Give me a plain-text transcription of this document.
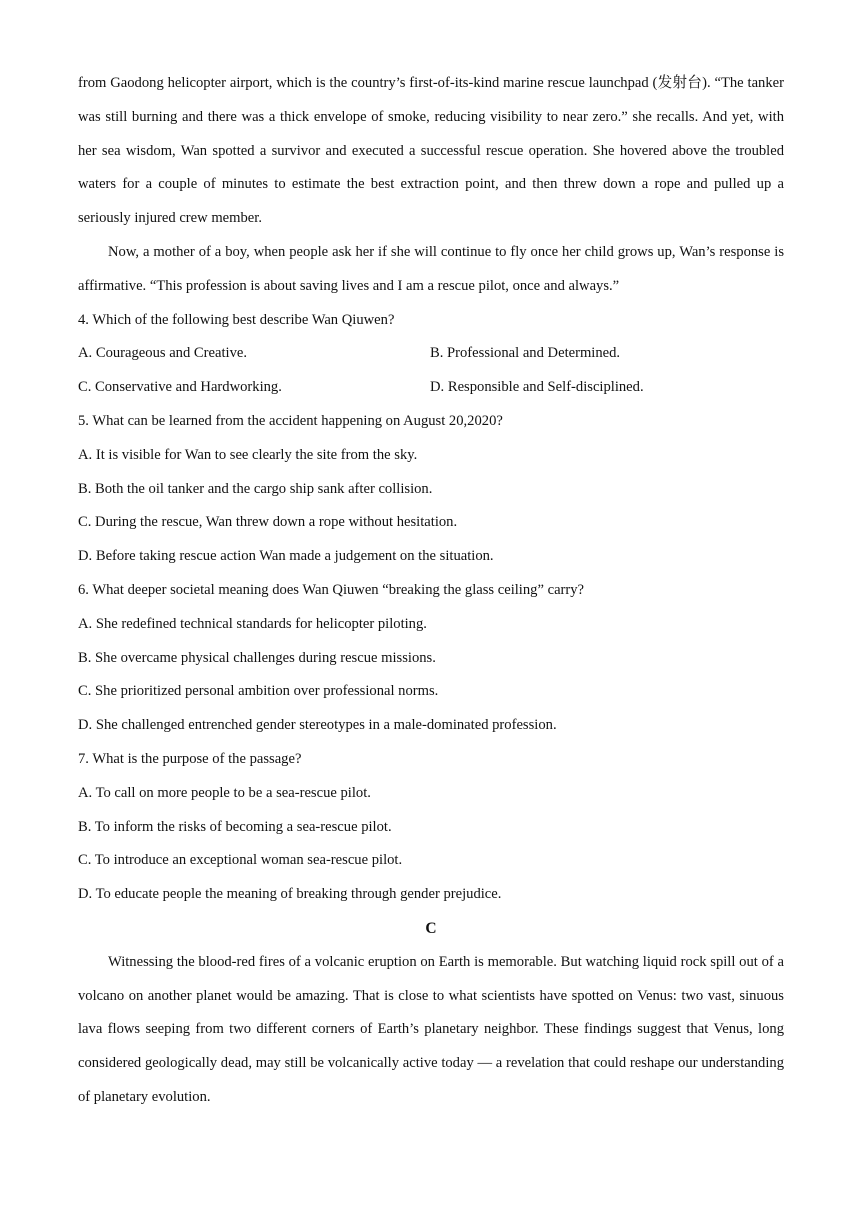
from Gaodong helicopter airport, which is the country’s first-of-its-kind marine rescue launchpad (发射台). “The tanker was still burning and there was a thick envelope of smoke, reducing visibility to near zero.” she recalls. And yet, with her sea wisdom, Wan spotted a survivor and executed a successful rescue operation. She hovered above the troubled waters for a couple of minutes to estimate the best extraction point, and then threw down a rope and pulled up a seriously injured crew member.

Now, a mother of a boy, when people ask her if she will continue to fly once her child grows up, Wan’s response is affirmative. “This profession is about saving lives and I am a rescue pilot, once and always.”

4. Which of the following best describe Wan Qiuwen?

A. Courageous and Creative.	B. Professional and Determined.
C. Conservative and Hardworking.	D. Responsible and Self-disciplined.

5. What can be learned from the accident happening on August 20,2020?

A. It is visible for Wan to see clearly the site from the sky.

B. Both the oil tanker and the cargo ship sank after collision.

C. During the rescue, Wan threw down a rope without hesitation.

D. Before taking rescue action Wan made a judgement on the situation.

6. What deeper societal meaning does Wan Qiuwen “breaking the glass ceiling” carry?

A. She redefined technical standards for helicopter piloting.

B. She overcame physical challenges during rescue missions.

C. She prioritized personal ambition over professional norms.

D. She challenged entrenched gender stereotypes in a male-dominated profession.

7. What is the purpose of the passage?

A. To call on more people to be a sea-rescue pilot.

B. To inform the risks of becoming a sea-rescue pilot.

C. To introduce an exceptional woman sea-rescue pilot.

D. To educate people the meaning of breaking through gender prejudice.

C

Witnessing the blood-red fires of a volcanic eruption on Earth is memorable. But watching liquid rock spill out of a volcano on another planet would be amazing. That is close to what scientists have spotted on Venus: two vast, sinuous lava flows seeping from two different corners of Earth’s planetary neighbor. These findings suggest that Venus, long considered geologically dead, may still be volcanically active today — a revelation that could reshape our understanding of planetary evolution.
